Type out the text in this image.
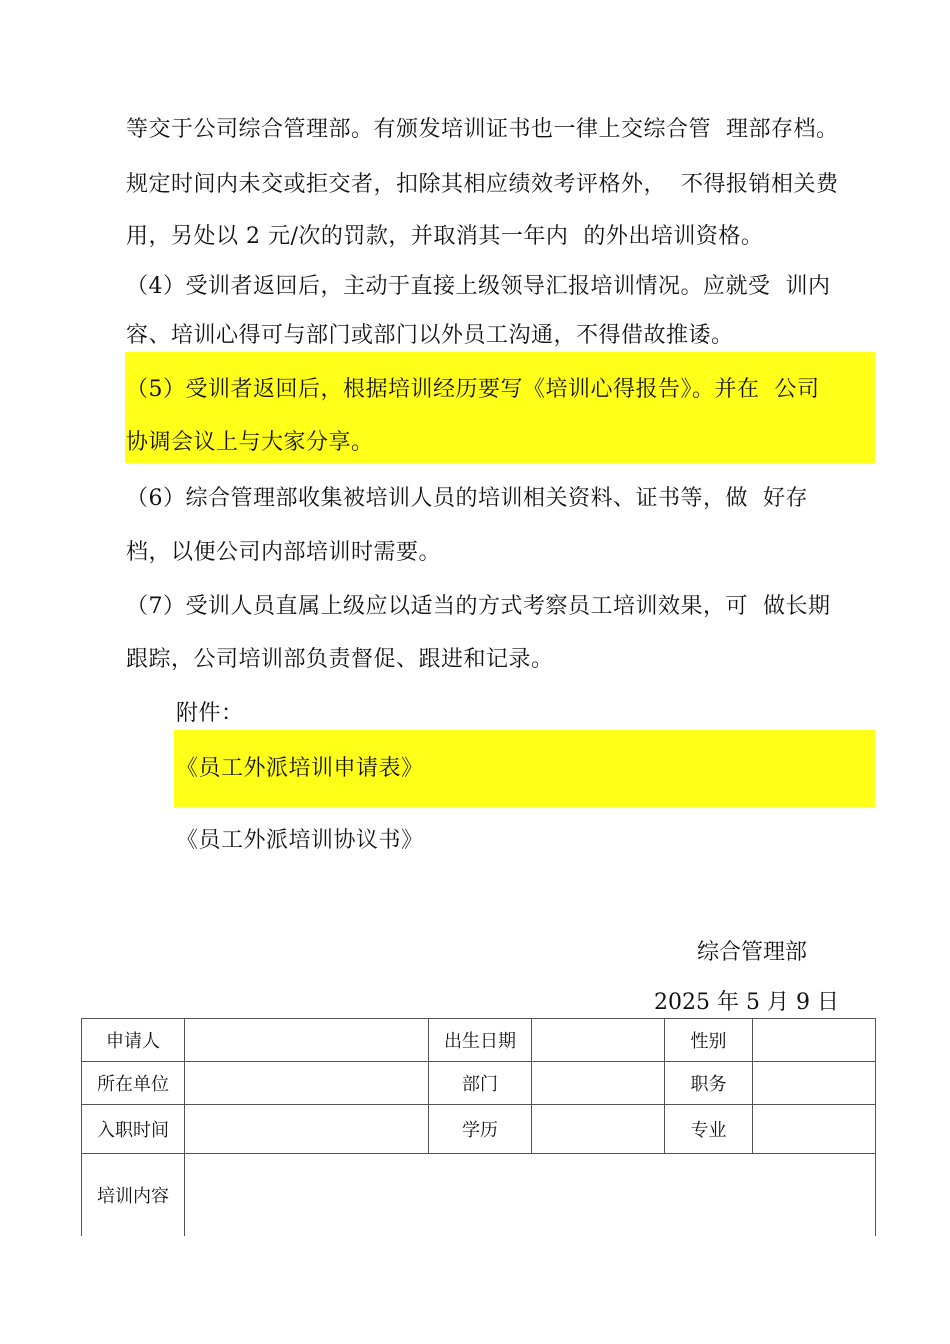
等交于公司综合管理部。有颁发培训证书也一律上交综合管  理部存档。
规定时间内未交或拒交者，扣除其相应绩效考评格外，  不得报销相关费
用，另处以 2 元/次的罚款，并取消其一年内  的外出培训资格。
（4）受训者返回后，主动于直接上级领导汇报培训情况。应就受  训内
容、培训心得可与部门或部门以外员工沟通，不得借故推诿。
（5）受训者返回后，根据培训经历要写《培训心得报告》。并在  公司
协调会议上与大家分享。
（6）综合管理部收集被培训人员的培训相关资料、证书等，做  好存
档，以便公司内部培训时需要。
（7）受训人员直属上级应以适当的方式考察员工培训效果，可  做长期
跟踪，公司培训部负责督促、跟进和记录。
附件：
《员工外派培训申请表》
《员工外派培训协议书》
综合管理部
2025 年 5 月 9 日
申请人		出生日期		性别	
所在单位		部门		职务	
入职时间		学历		专业	
培训内容					
